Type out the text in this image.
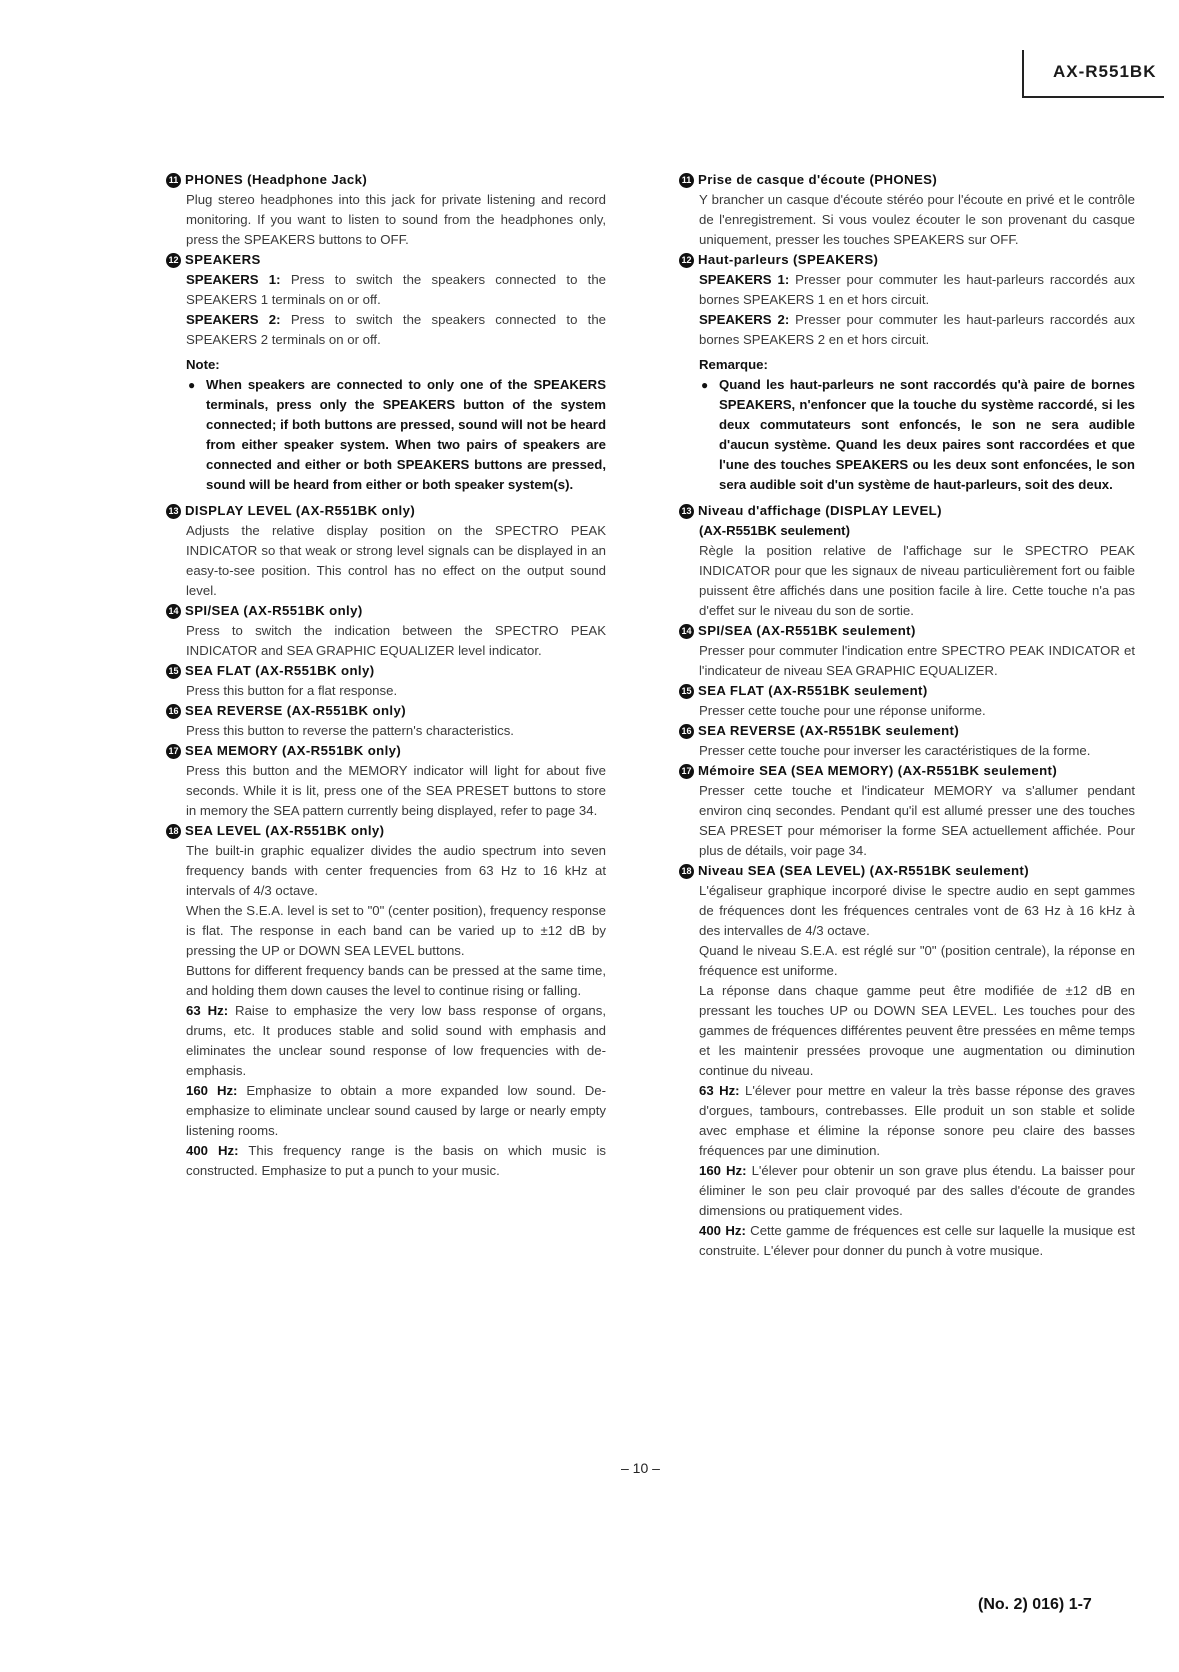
AX-R551BK
11 PHONES (Headphone Jack)
Plug stereo headphones into this jack for private listening and record monitoring. If you want to listen to sound from the headphones only, press the SPEAKERS buttons to OFF.
12 SPEAKERS
SPEAKERS 1: Press to switch the speakers connected to the SPEAKERS 1 terminals on or off.
SPEAKERS 2: Press to switch the speakers connected to the SPEAKERS 2 terminals on or off.
Note:
● When speakers are connected to only one of the SPEAKERS terminals, press only the SPEAKERS button of the system connected; if both buttons are pressed, sound will not be heard from either speaker system. When two pairs of speakers are connected and either or both SPEAKERS buttons are pressed, sound will be heard from either or both speaker system(s).
13 DISPLAY LEVEL (AX-R551BK only)
Adjusts the relative display position on the SPECTRO PEAK INDICATOR so that weak or strong level signals can be displayed in an easy-to-see position. This control has no effect on the output sound level.
14 SPI/SEA (AX-R551BK only)
Press to switch the indication between the SPECTRO PEAK INDICATOR and SEA GRAPHIC EQUALIZER level indicator.
15 SEA FLAT (AX-R551BK only)
Press this button for a flat response.
16 SEA REVERSE (AX-R551BK only)
Press this button to reverse the pattern's characteristics.
17 SEA MEMORY (AX-R551BK only)
Press this button and the MEMORY indicator will light for about five seconds. While it is lit, press one of the SEA PRESET buttons to store in memory the SEA pattern currently being displayed, refer to page 34.
18 SEA LEVEL (AX-R551BK only)
The built-in graphic equalizer divides the audio spectrum into seven frequency bands with center frequencies from 63 Hz to 16 kHz at intervals of 4/3 octave.
When the S.E.A. level is set to "0" (center position), frequency response is flat. The response in each band can be varied up to ±12 dB by pressing the UP or DOWN SEA LEVEL buttons.
Buttons for different frequency bands can be pressed at the same time, and holding them down causes the level to continue rising or falling.
63 Hz: Raise to emphasize the very low bass response of organs, drums, etc. It produces stable and solid sound with emphasis and eliminates the unclear sound response of low frequencies with de-emphasis.
160 Hz: Emphasize to obtain a more expanded low sound. De-emphasize to eliminate unclear sound caused by large or nearly empty listening rooms.
400 Hz: This frequency range is the basis on which music is constructed. Emphasize to put a punch to your music.
11 Prise de casque d'écoute (PHONES)
Y brancher un casque d'écoute stéréo pour l'écoute en privé et le contrôle de l'enregistrement. Si vous voulez écouter le son provenant du casque uniquement, presser les touches SPEAKERS sur OFF.
12 Haut-parleurs (SPEAKERS)
SPEAKERS 1: Presser pour commuter les haut-parleurs raccordés aux bornes SPEAKERS 1 en et hors circuit.
SPEAKERS 2: Presser pour commuter les haut-parleurs raccordés aux bornes SPEAKERS 2 en et hors circuit.
Remarque:
● Quand les haut-parleurs ne sont raccordés qu'à paire de bornes SPEAKERS, n'enfoncer que la touche du système raccordé, si les deux commutateurs sont enfoncés, le son ne sera audible d'aucun système. Quand les deux paires sont raccordées et que l'une des touches SPEAKERS ou les deux sont enfoncées, le son sera audible soit d'un système de haut-parleurs, soit des deux.
13 Niveau d'affichage (DISPLAY LEVEL)
(AX-R551BK seulement)
Règle la position relative de l'affichage sur le SPECTRO PEAK INDICATOR pour que les signaux de niveau particulièrement fort ou faible puissent être affichés dans une position facile à lire. Cette touche n'a pas d'effet sur le niveau du son de sortie.
14 SPI/SEA (AX-R551BK seulement)
Presser pour commuter l'indication entre SPECTRO PEAK INDICATOR et l'indicateur de niveau SEA GRAPHIC EQUALIZER.
15 SEA FLAT (AX-R551BK seulement)
Presser cette touche pour une réponse uniforme.
16 SEA REVERSE (AX-R551BK seulement)
Presser cette touche pour inverser les caractéristiques de la forme.
17 Mémoire SEA (SEA MEMORY) (AX-R551BK seulement)
Presser cette touche et l'indicateur MEMORY va s'allumer pendant environ cinq secondes. Pendant qu'il est allumé presser une des touches SEA PRESET pour mémoriser la forme SEA actuellement affichée. Pour plus de détails, voir page 34.
18 Niveau SEA (SEA LEVEL) (AX-R551BK seulement)
L'égaliseur graphique incorporé divise le spectre audio en sept gammes de fréquences dont les fréquences centrales vont de 63 Hz à 16 kHz à des intervalles de 4/3 octave.
Quand le niveau S.E.A. est réglé sur "0" (position centrale), la réponse en fréquence est uniforme.
La réponse dans chaque gamme peut être modifiée de ±12 dB en pressant les touches UP ou DOWN SEA LEVEL. Les touches pour des gammes de fréquences différentes peuvent être pressées en même temps et les maintenir pressées provoque une augmentation ou diminution continue du niveau.
63 Hz: L'élever pour mettre en valeur la très basse réponse des graves d'orgues, tambours, contrebasses. Elle produit un son stable et solide avec emphase et élimine la réponse sonore peu claire des basses fréquences par une diminution.
160 Hz: L'élever pour obtenir un son grave plus étendu. La baisser pour éliminer le son peu clair provoqué par des salles d'écoute de grandes dimensions ou pratiquement vides.
400 Hz: Cette gamme de fréquences est celle sur laquelle la musique est construite. L'élever pour donner du punch à votre musique.
– 10 –
(No. 2) 016) 1-7
